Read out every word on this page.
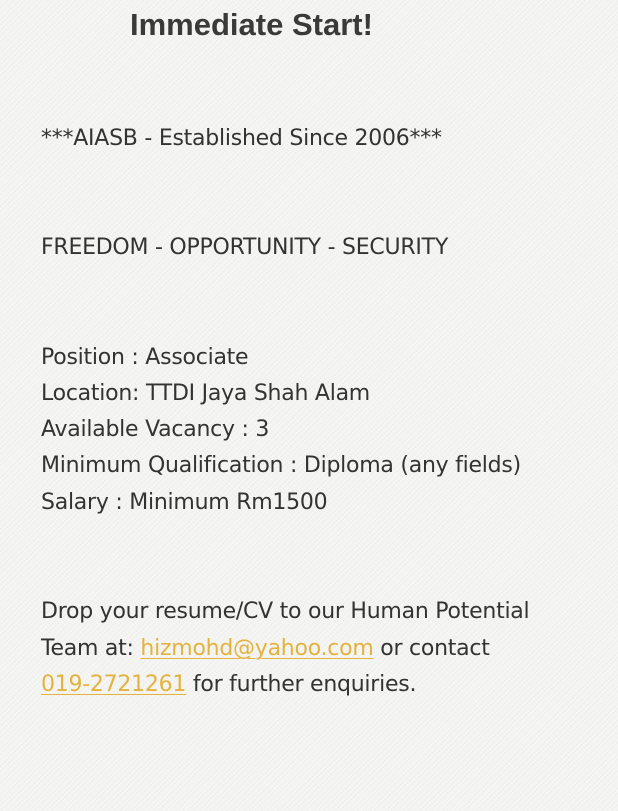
Immediate Start!

***AIASB - Established Since 2006***

FREEDOM - OPPORTUNITY - SECURITY

Position : Associate

Location: TTDI Jaya Shah Alam

Available Vacancy : 3

Minimum Qualification : Diploma (any fields)

Salary : Minimum Rm1500

Drop your resume/CV to our Human Potential

Team at: hizmohd@yahoo.com or contact

019-2721261 for further enquiries.
